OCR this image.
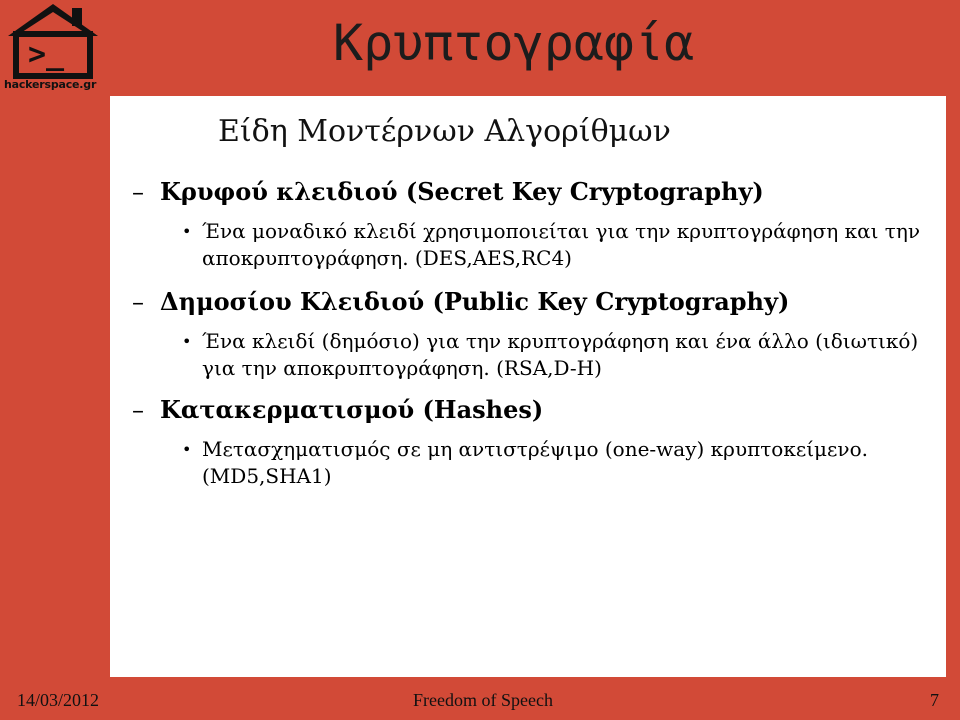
>_
hackerspace.gr
Κρυπτογραφία
Είδη Μοντέρνων Αλγορίθμων
– Κρυφού κλειδιού (Secret Key Cryptography)
• Ένα μοναδικό κλειδί χρησιμοποιείται για την κρυπτογράφηση και την αποκρυπτογράφηση. (DES,AES,RC4)
– Δημοσίου Κλειδιού (Public Key Cryptography)
• Ένα κλειδί (δημόσιο) για την κρυπτογράφηση και ένα άλλο (ιδιωτικό) για την αποκρυπτογράφηση. (RSA,D-H)
– Κατακερματισμού (Hashes)
• Μετασχηματισμός σε μη αντιστρέψιμο (one-way) κρυπτοκείμενο. (MD5,SHA1)
14/03/2012	Freedom of Speech	7
